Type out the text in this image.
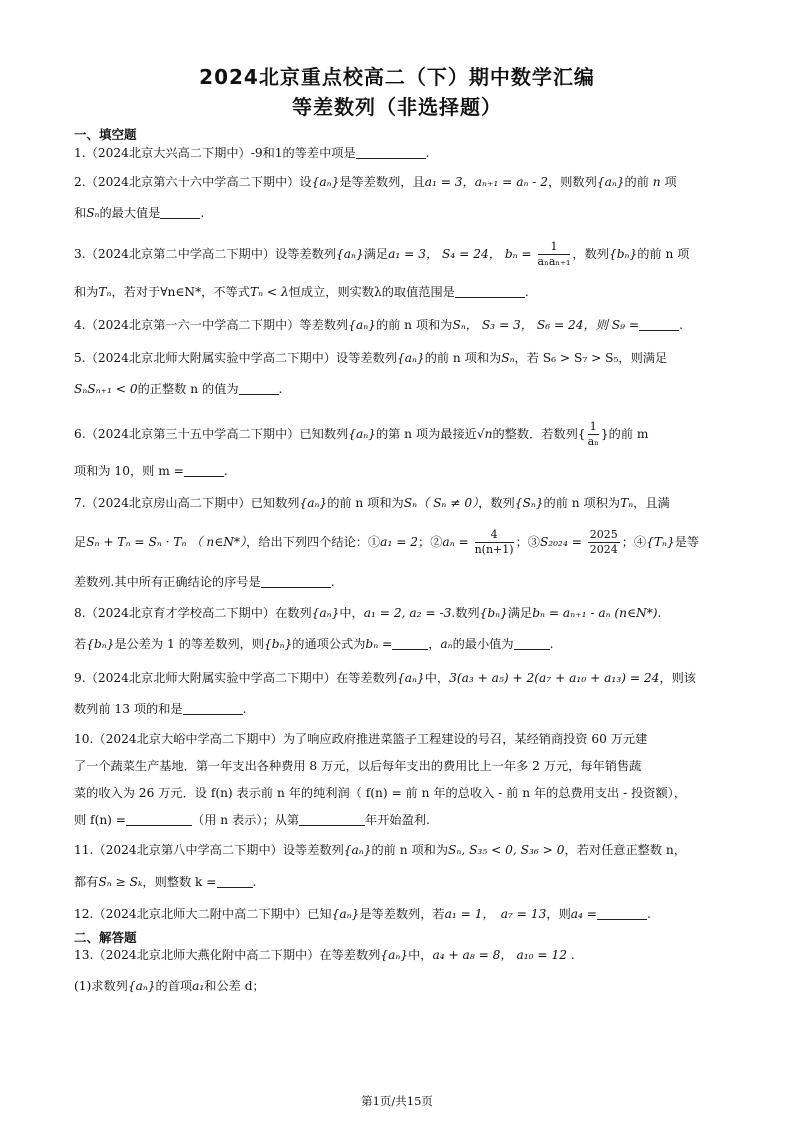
2024北京重点校高二（下）期中数学汇编
等差数列（非选择题）
一、填空题
1.（2024北京大兴高二下期中）-9和1的等差中项是	.
2.（2024北京第六十六中学高二下期中）设{aₙ}是等差数列，且a₁ = 3，aₙ₊₁ = aₙ - 2，则数列{aₙ}的前 n 项
和Sₙ的最大值是	.
3.（2024北京第二中学高二下期中）设等差数列{aₙ}满足a₁ = 3， S₄ = 24， $b_n = \frac{1}{\text{aₙaₙ₊₁}}$ ，数列{bₙ}的前 n 项
和为Tₙ，若对于∀n∈N*，不等式Tₙ < λ恒成立，则实数λ的取值范围是	.
4.（2024北京第一六一中学高二下期中）等差数列{aₙ}的前 n 项和为Sₙ， S₃ = 3， S₆ = 24，则 S₉ =	.
5.（2024北京北师大附属实验中学高二下期中）设等差数列{aₙ}的前 n 项和为Sₙ，若 S₆ > S₇ > S₅，则满足
SₙSₙ₊₁ < 0的正整数 n 的值为	.
6.（2024北京第三十五中学高二下期中）已知数列{aₙ}的第 n 项为最接近√n的整数．若数列{ $\frac{1}{\text{aₙ}}$ }的前 m
项和为 10，则 m =	.
7.（2024北京房山高二下期中）已知数列{aₙ}的前 n 项和为Sₙ（ Sₙ ≠ 0），数列{Sₙ}的前 n 项积为Tₙ，且满
足Sₙ + Tₙ = Sₙ · Tₙ （ n∈N*），给出下列四个结论：①a₁ = 2；②aₙ = $\frac{4}{n(n+1)}$ ；③S₂₀₂₄ = $\frac{2025}{2024}$ ；④{Tₙ}是等
差数列.其中所有正确结论的序号是	.
8.（2024北京育才学校高二下期中）在数列{aₙ}中，a₁ = 2, a₂ = -3.数列{bₙ}满足bₙ = aₙ₊₁ - aₙ (n∈N*).
若{bₙ}是公差为 1 的等差数列，则{bₙ}的通项公式为bₙ =	，aₙ的最小值为	.
9.（2024北京北师大附属实验中学高二下期中）在等差数列{aₙ}中，3(a₃ + a₅) + 2(a₇ + a₁₀ + a₁₃) = 24，则该
数列前 13 项的和是	.
10.（2024北京大峪中学高二下期中）为了响应政府推进菜篮子工程建设的号召，某经销商投资 60 万元建
了一个蔬菜生产基地．第一年支出各种费用 8 万元，以后每年支出的费用比上一年多 2 万元，每年销售蔬
菜的收入为 26 万元．设 f(n) 表示前 n 年的纯利润（ f(n) = 前 n 年的总收入 - 前 n 年的总费用支出 - 投资额），
则 f(n) =	（用 n 表示）；从第	年开始盈利.
11.（2024北京第八中学高二下期中）设等差数列{aₙ}的前 n 项和为Sₙ, S₃₅ < 0, S₃₆ > 0，若对任意正整数 n，
都有Sₙ ≥ Sₖ，则整数 k =	.
12.（2024北京北师大二附中高二下期中）已知{aₙ}是等差数列，若a₁ = 1，　a₇ = 13，则a₄ =	.
二、解答题
13.（2024北京北师大燕化附中高二下期中）在等差数列{aₙ}中，a₄ + a₈ = 8， a₁₀ = 12 .
(1)求数列{aₙ}的首项a₁和公差 d；
第1页/共15页
